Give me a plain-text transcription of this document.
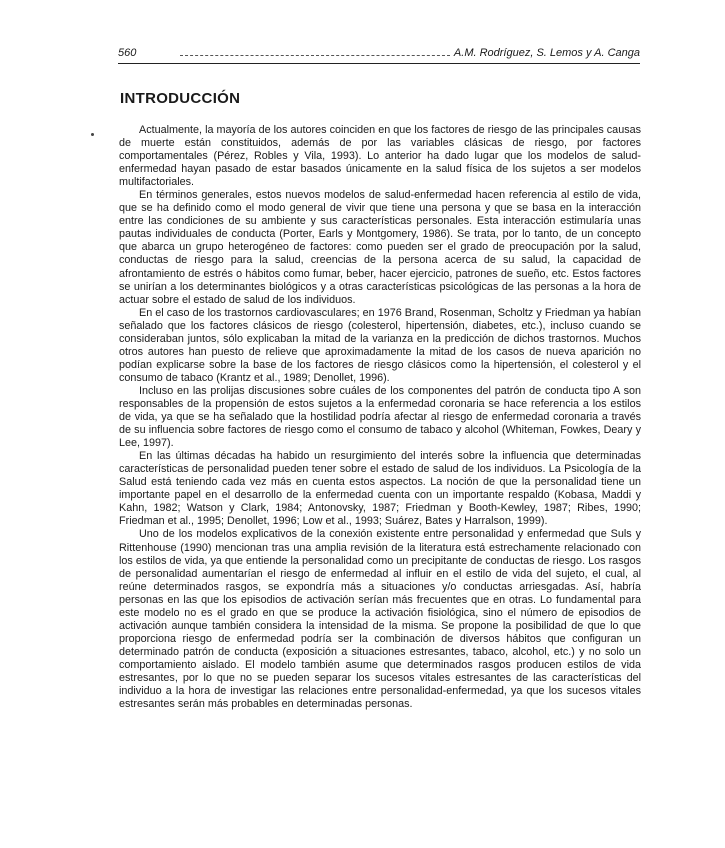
560	A.M. Rodríguez, S. Lemos y A. Canga
INTRODUCCIÓN

Actualmente, la mayoría de los autores coinciden en que los factores de riesgo de las principales causas de muerte están constituidos, además de por las variables clásicas de riesgo, por factores comportamentales (Pérez, Robles y Vila, 1993). Lo anterior ha dado lugar que los modelos de salud-enfermedad hayan pasado de estar basados únicamente en la salud física de los sujetos a ser modelos multifactoriales.

En términos generales, estos nuevos modelos de salud-enfermedad hacen referencia al estilo de vida, que se ha definido como el modo general de vivir que tiene una persona y que se basa en la interacción entre las condiciones de su ambiente y sus características personales. Esta interacción estimularía unas pautas individuales de conducta (Porter, Earls y Montgomery, 1986). Se trata, por lo tanto, de un concepto que abarca un grupo heterogéneo de factores: como pueden ser el grado de preocupación por la salud, conductas de riesgo para la salud, creencias de la persona acerca de su salud, la capacidad de afrontamiento de estrés o hábitos como fumar, beber, hacer ejercicio, patrones de sueño, etc. Estos factores se unirían a los determinantes biológicos y a otras características psicológicas de las personas a la hora de actuar sobre el estado de salud de los individuos.

En el caso de los trastornos cardiovasculares; en 1976 Brand, Rosenman, Scholtz y Friedman ya habían señalado que los factores clásicos de riesgo (colesterol, hipertensión, diabetes, etc.), incluso cuando se consideraban juntos, sólo explicaban la mitad de la varianza en la predicción de dichos trastornos. Muchos otros autores han puesto de relieve que aproximadamente la mitad de los casos de nueva aparición no podían explicarse sobre la base de los factores de riesgo clásicos como la hipertensión, el colesterol y el consumo de tabaco (Krantz et al., 1989; Denollet, 1996).

Incluso en las prolijas discusiones sobre cuáles de los componentes del patrón de conducta tipo A son responsables de la propensión de estos sujetos a la enfermedad coronaria se hace referencia a los estilos de vida, ya que se ha señalado que la hostilidad podría afectar al riesgo de enfermedad coronaria a través de su influencia sobre factores de riesgo como el consumo de tabaco y alcohol (Whiteman, Fowkes, Deary y Lee, 1997).

En las últimas décadas ha habido un resurgimiento del interés sobre la influencia que determinadas características de personalidad pueden tener sobre el estado de salud de los individuos. La Psicología de la Salud está teniendo cada vez más en cuenta estos aspectos. La noción de que la personalidad tiene un importante papel en el desarrollo de la enfermedad cuenta con un importante respaldo (Kobasa, Maddi y Kahn, 1982; Watson y Clark, 1984; Antonovsky, 1987; Friedman y Booth-Kewley, 1987; Ribes, 1990; Friedman et al., 1995; Denollet, 1996; Low et al., 1993; Suárez, Bates y Harralson, 1999).

Uno de los modelos explicativos de la conexión existente entre personalidad y enfermedad que Suls y Rittenhouse (1990) mencionan tras una amplia revisión de la literatura está estrechamente relacionado con los estilos de vida, ya que entiende la personalidad como un precipitante de conductas de riesgo. Los rasgos de personalidad aumentarían el riesgo de enfermedad al influir en el estilo de vida del sujeto, el cual, al reúne determinados rasgos, se expondría más a situaciones y/o conductas arriesgadas. Así, habría personas en las que los episodios de activación serían más frecuentes que en otras. Lo fundamental para este modelo no es el grado en que se produce la activación fisiológica, sino el número de episodios de activación aunque también considera la intensidad de la misma. Se propone la posibilidad de que lo que proporciona riesgo de enfermedad podría ser la combinación de diversos hábitos que configuran un determinado patrón de conducta (exposición a situaciones estresantes, tabaco, alcohol, etc.) y no solo un comportamiento aislado. El modelo también asume que determinados rasgos producen estilos de vida estresantes, por lo que no se pueden separar los sucesos vitales estresantes de las características del individuo a la hora de investigar las relaciones entre personalidad-enfermedad, ya que los sucesos vitales estresantes serán más probables en determinadas personas.
